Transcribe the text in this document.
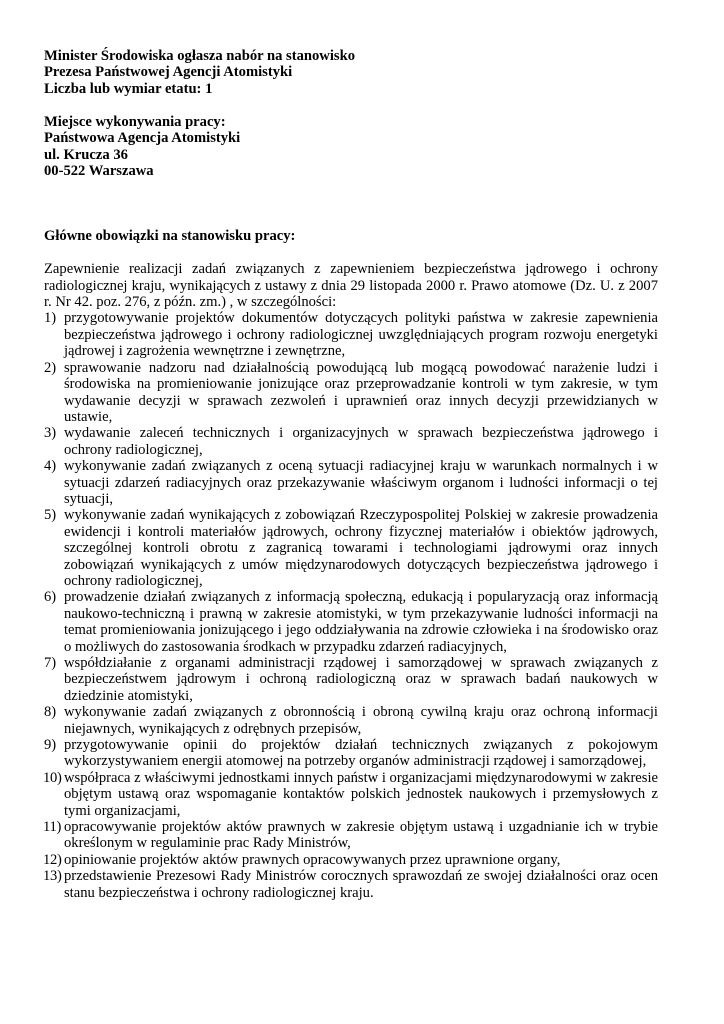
Minister Środowiska ogłasza nabór na stanowisko

Prezesa Państwowej Agencji Atomistyki

Liczba lub wymiar etatu: 1

Miejsce wykonywania pracy:

Państwowa Agencja Atomistyki

ul. Krucza 36

00-522 Warszawa

Główne obowiązki na stanowisku pracy:

Zapewnienie realizacji zadań związanych z zapewnieniem bezpieczeństwa jądrowego i ochrony radiologicznej kraju, wynikających z ustawy z dnia 29 listopada 2000 r. Prawo atomowe (Dz. U. z 2007 r. Nr 42. poz. 276, z późn. zm.) , w szczególności:

1) przygotowywanie projektów dokumentów dotyczących polityki państwa w zakresie zapewnienia bezpieczeństwa jądrowego i ochrony radiologicznej uwzględniających program rozwoju energetyki jądrowej i zagrożenia wewnętrzne i zewnętrzne,
2) sprawowanie nadzoru nad działalnością powodującą lub mogącą powodować narażenie ludzi i środowiska na promieniowanie jonizujące oraz przeprowadzanie kontroli w tym zakresie, w tym wydawanie decyzji w sprawach zezwoleń i uprawnień oraz innych decyzji przewidzianych w ustawie,
3) wydawanie zaleceń technicznych i organizacyjnych w sprawach bezpieczeństwa jądrowego i ochrony radiologicznej,
4) wykonywanie zadań związanych z oceną sytuacji radiacyjnej kraju w warunkach normalnych i w sytuacji zdarzeń radiacyjnych oraz przekazywanie właściwym organom i ludności informacji o tej sytuacji,
5) wykonywanie zadań wynikających z zobowiązań Rzeczypospolitej Polskiej w zakresie prowadzenia ewidencji i kontroli materiałów jądrowych, ochrony fizycznej materiałów i obiektów jądrowych, szczególnej kontroli obrotu z zagranicą towarami i technologiami jądrowymi oraz innych zobowiązań wynikających z umów międzynarodowych dotyczących bezpieczeństwa jądrowego i ochrony radiologicznej,
6) prowadzenie działań związanych z informacją społeczną, edukacją i popularyzacją oraz informacją naukowo-techniczną i prawną w zakresie atomistyki, w tym przekazywanie ludności informacji na temat promieniowania jonizującego i jego oddziaływania na zdrowie człowieka i na środowisko oraz o możliwych do zastosowania środkach w przypadku zdarzeń radiacyjnych,
7) współdziałanie z organami administracji rządowej i samorządowej w sprawach związanych z bezpieczeństwem jądrowym i ochroną radiologiczną oraz w sprawach badań naukowych w dziedzinie atomistyki,
8) wykonywanie zadań związanych z obronnością i obroną cywilną kraju oraz ochroną informacji niejawnych, wynikających z odrębnych przepisów,
9) przygotowywanie opinii do projektów działań technicznych związanych z pokojowym wykorzystywaniem energii atomowej na potrzeby organów administracji rządowej i samorządowej,
10) współpraca z właściwymi jednostkami innych państw i organizacjami międzynarodowymi w zakresie objętym ustawą oraz wspomaganie kontaktów polskich jednostek naukowych i przemysłowych z tymi organizacjami,
11) opracowywanie projektów aktów prawnych w zakresie objętym ustawą i uzgadnianie ich w trybie określonym w regulaminie prac Rady Ministrów,
12) opiniowanie projektów aktów prawnych opracowywanych przez uprawnione organy,
13) przedstawienie Prezesowi Rady Ministrów corocznych sprawozdań ze swojej działalności oraz ocen stanu bezpieczeństwa i ochrony radiologicznej kraju.
